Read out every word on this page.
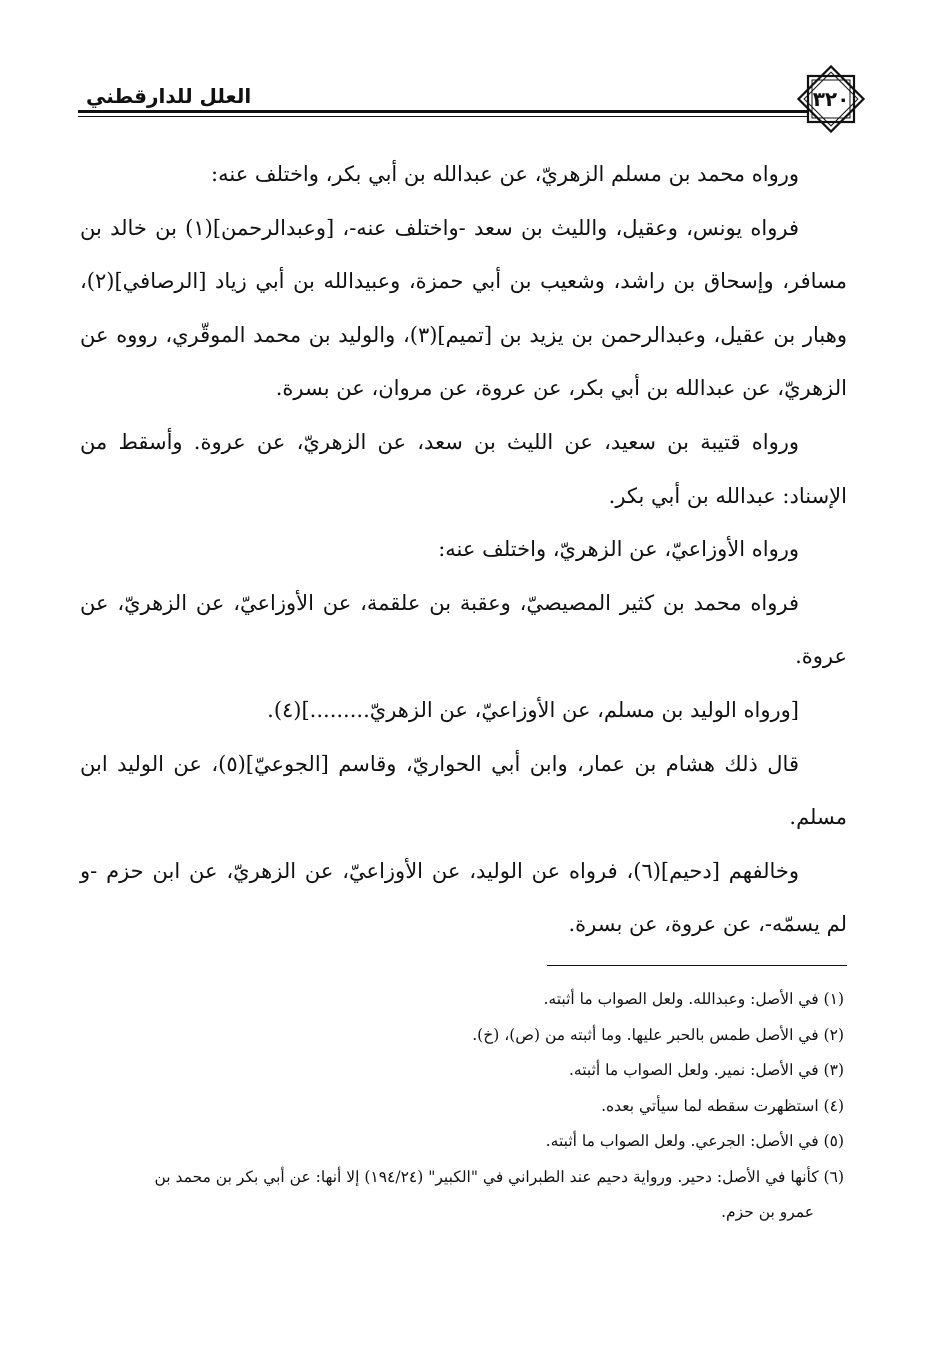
٣٢٠
العلل للدارقطني

ورواه محمد بن مسلم الزهريّ، عن عبدالله بن أبي بكر، واختلف عنه:

فرواه يونس، وعقيل، والليث بن سعد -واختلف عنه-، [وعبدالرحمن](١) بن خالد بن مسافر، وإسحاق بن راشد، وشعيب بن أبي حمزة، وعبيدالله بن أبي زياد [الرصافي](٢)، وهبار بن عقيل، وعبدالرحمن بن يزيد بن [تميم](٣)، والوليد بن محمد الموقّري، رووه عن الزهريّ، عن عبدالله بن أبي بكر، عن عروة، عن مروان، عن بسرة.

ورواه قتيبة بن سعيد، عن الليث بن سعد، عن الزهريّ، عن عروة. وأسقط من الإسناد: عبدالله بن أبي بكر.

ورواه الأوزاعيّ، عن الزهريّ، واختلف عنه:

فرواه محمد بن كثير المصيصيّ، وعقبة بن علقمة، عن الأوزاعيّ، عن الزهريّ، عن عروة.

[ورواه الوليد بن مسلم، عن الأوزاعيّ، عن الزهريّ.........](٤).

قال ذلك هشام بن عمار، وابن أبي الحواريّ، وقاسم [الجوعيّ](٥)، عن الوليد ابن مسلم.

وخالفهم [دحيم](٦)، فرواه عن الوليد، عن الأوزاعيّ، عن الزهريّ، عن ابن حزم -و لم يسمّه-، عن عروة، عن بسرة.

(١) في الأصل: وعبدالله. ولعل الصواب ما أثبته.

(٢) في الأصل طمس بالحبر عليها. وما أثبته من (ص)، (خ).

(٣) في الأصل: نمير. ولعل الصواب ما أثبته.

(٤) استظهرت سقطه لما سيأتي بعده.

(٥) في الأصل: الجرعي. ولعل الصواب ما أثبته.

(٦) كأنها في الأصل: دحير. ورواية دحيم عند الطبراني في "الكبير" (١٩٤/٢٤) إلا أنها: عن أبي بكر بن محمد بن

عمرو بن حزم.
